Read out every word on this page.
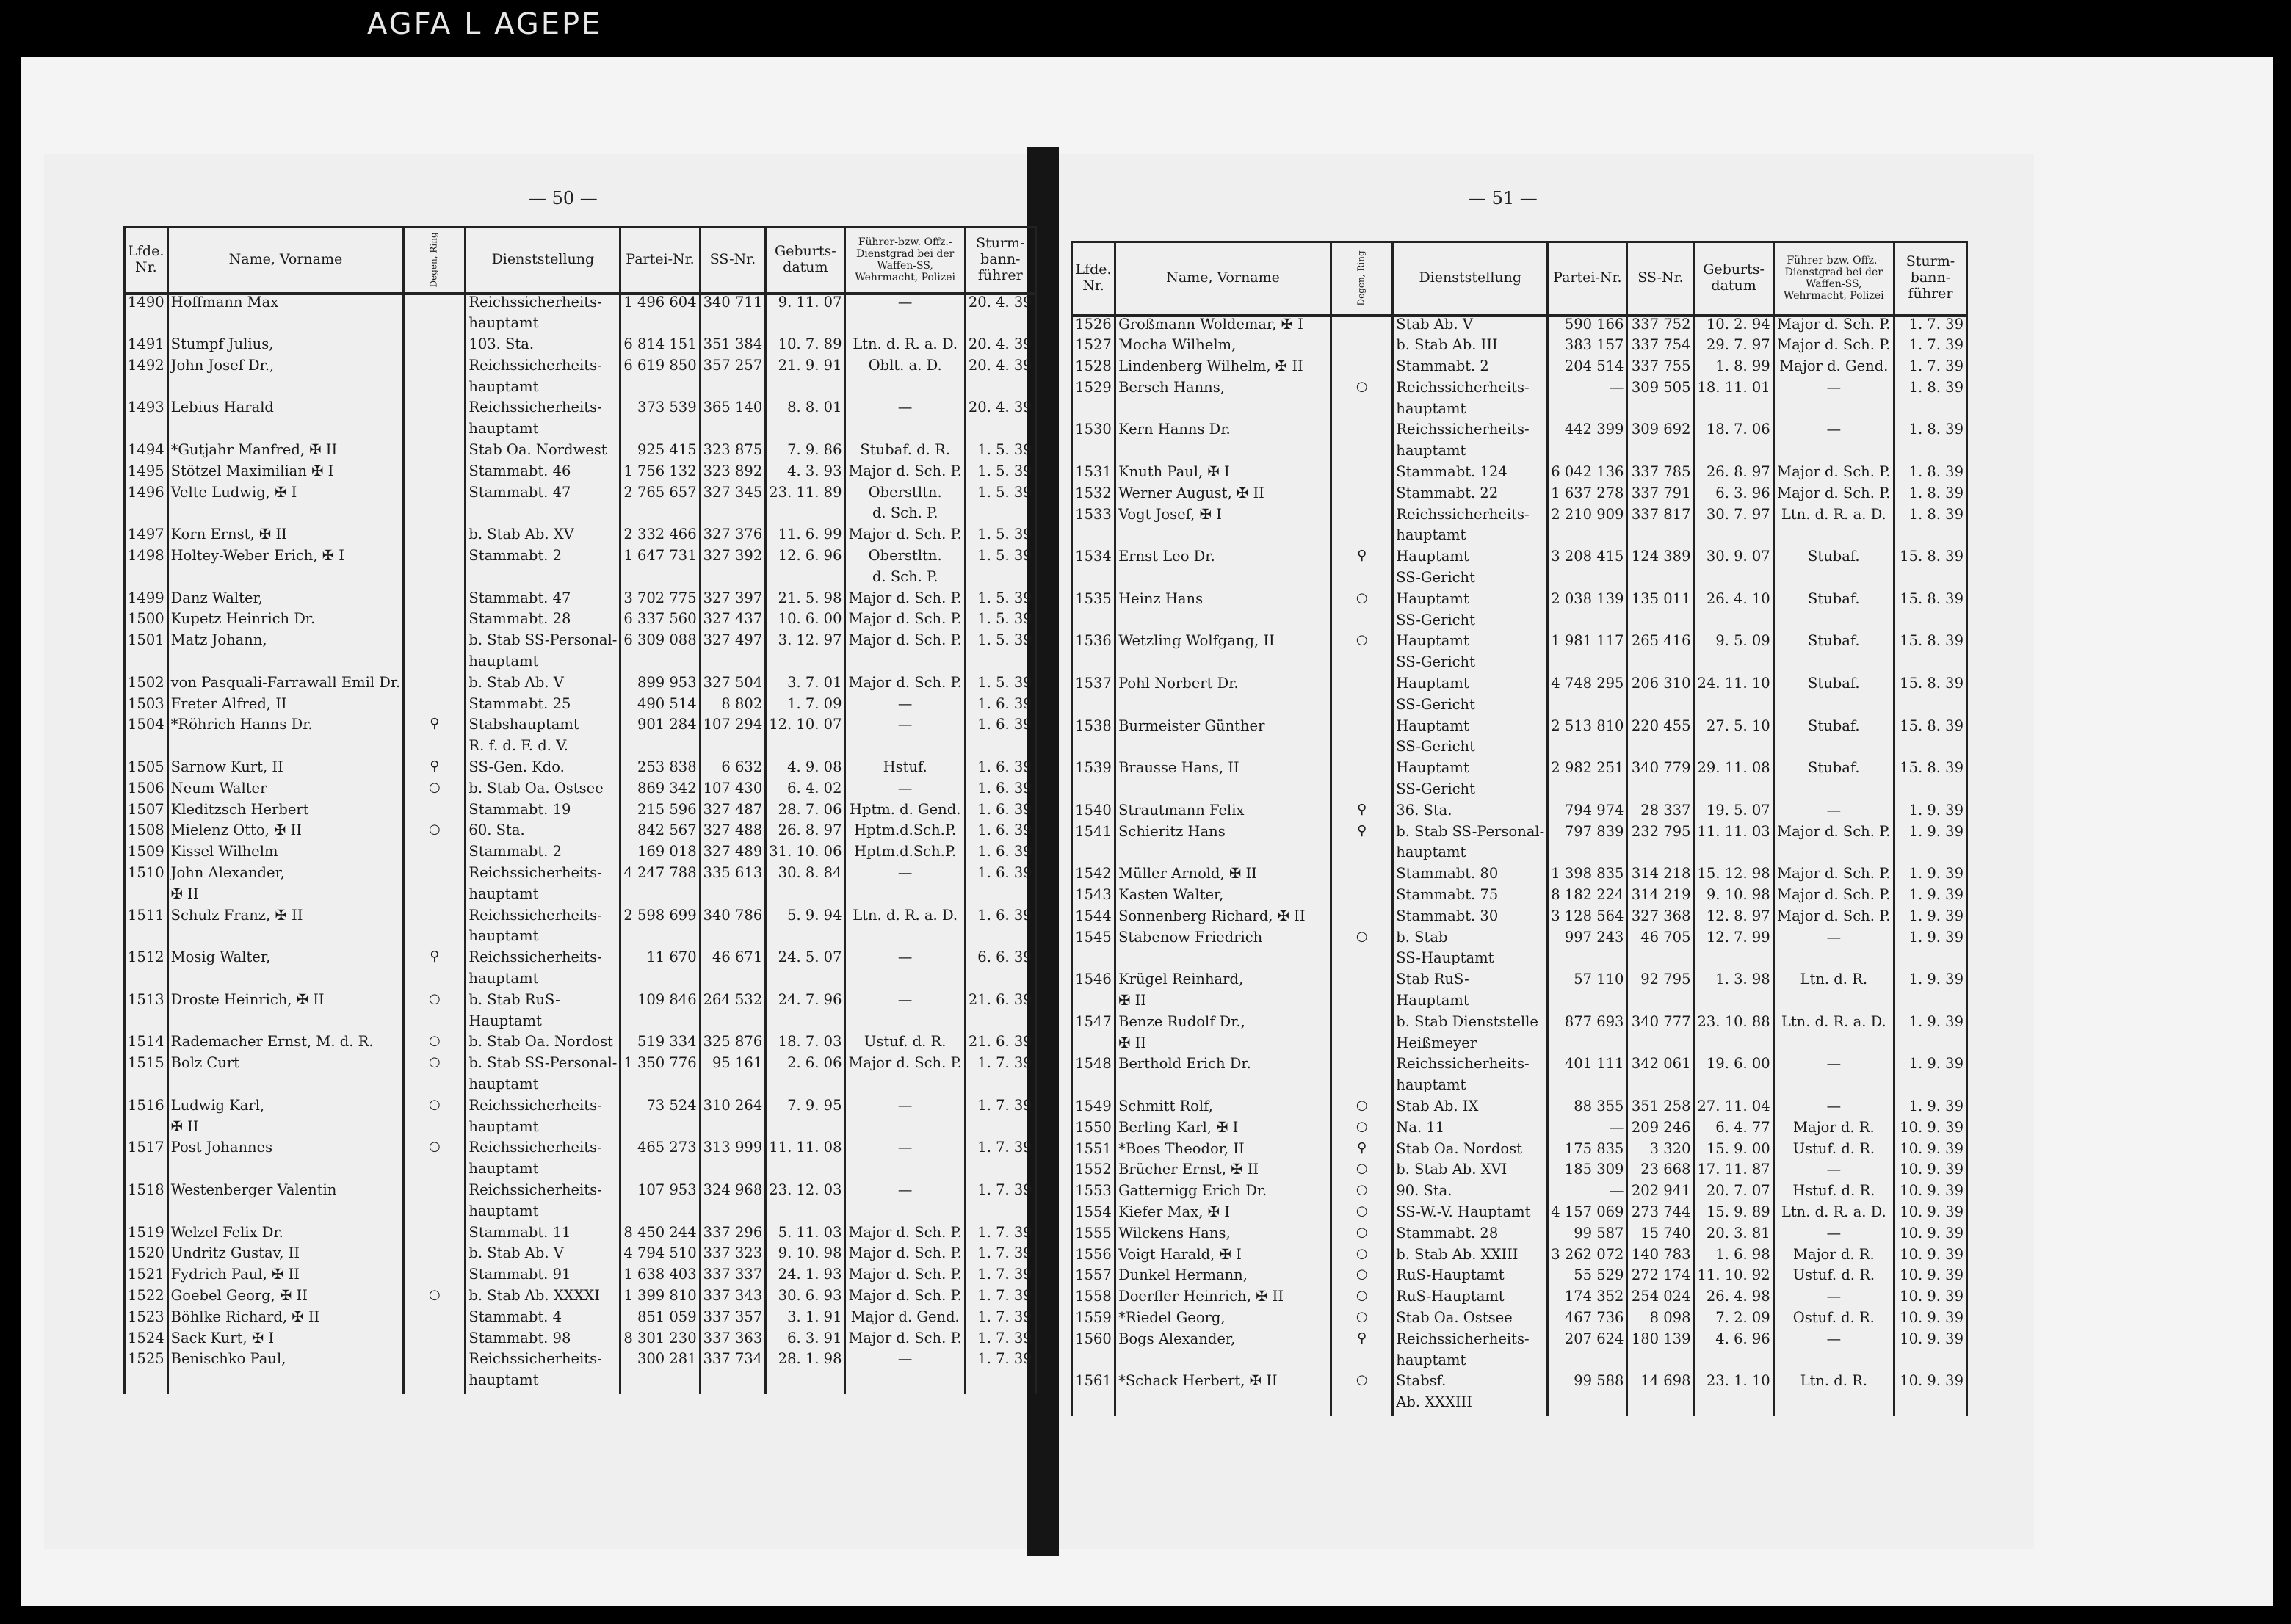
AGFA L AGEPE
— 50 —	— 51 —
Lfde. Nr.	Name, Vorname	Degen, Ring	Dienststellung	Partei-Nr.	SS-Nr.	Geburts-datum	Führer-bzw. Offz.-Dienstgrad bei der Waffen-SS, Wehrmacht, Polizei	Sturm-bann-führer
1490	Hoffmann Max		Reichssicherheits-	1 496 604	340 711	9. 11. 07	—	20. 4. 39
			hauptamt					
1491	Stumpf Julius,		103. Sta.	6 814 151	351 384	10. 7. 89	Ltn. d. R. a. D.	20. 4. 39
1492	John Josef Dr.,		Reichssicherheits-	6 619 850	357 257	21. 9. 91	Oblt. a. D.	20. 4. 39
			hauptamt					
1493	Lebius Harald		Reichssicherheits-	373 539	365 140	8. 8. 01	—	20. 4. 39
			hauptamt					
1494	*Gutjahr Manfred, ✠ II		Stab Oa. Nordwest	925 415	323 875	7. 9. 86	Stubaf. d. R.	1. 5. 39
1495	Stötzel Maximilian ✠ I		Stammabt. 46	1 756 132	323 892	4. 3. 93	Major d. Sch. P.	1. 5. 39
1496	Velte Ludwig, ✠ I		Stammabt. 47	2 765 657	327 345	23. 11. 89	Oberstltn.	1. 5. 39
							d. Sch. P.	
1497	Korn Ernst, ✠ II		b. Stab Ab. XV	2 332 466	327 376	11. 6. 99	Major d. Sch. P.	1. 5. 39
1498	Holtey-Weber Erich, ✠ I		Stammabt. 2	1 647 731	327 392	12. 6. 96	Oberstltn.	1. 5. 39
							d. Sch. P.	
1499	Danz Walter,		Stammabt. 47	3 702 775	327 397	21. 5. 98	Major d. Sch. P.	1. 5. 39
1500	Kupetz Heinrich Dr.		Stammabt. 28	6 337 560	327 437	10. 6. 00	Major d. Sch. P.	1. 5. 39
1501	Matz Johann,		b. Stab SS-Personal-	6 309 088	327 497	3. 12. 97	Major d. Sch. P.	1. 5. 39
			hauptamt					
1502	von Pasquali-Farrawall Emil Dr.		b. Stab Ab. V	899 953	327 504	3. 7. 01	Major d. Sch. P.	1. 5. 39
1503	Freter Alfred, II		Stammabt. 25	490 514	8 802	1. 7. 09	—	1. 6. 39
1504	*Röhrich Hanns Dr.	⚲	Stabshauptamt	901 284	107 294	12. 10. 07	—	1. 6. 39
			R. f. d. F. d. V.					
1505	Sarnow Kurt, II	⚲	SS-Gen. Kdo.	253 838	6 632	4. 9. 08	Hstuf.	1. 6. 39
1506	Neum Walter	○	b. Stab Oa. Ostsee	869 342	107 430	6. 4. 02	—	1. 6. 39
1507	Kleditzsch Herbert		Stammabt. 19	215 596	327 487	28. 7. 06	Hptm. d. Gend.	1. 6. 39
1508	Mielenz Otto, ✠ II	○	60. Sta.	842 567	327 488	26. 8. 97	Hptm.d.Sch.P.	1. 6. 39
1509	Kissel Wilhelm		Stammabt. 2	169 018	327 489	31. 10. 06	Hptm.d.Sch.P.	1. 6. 39
1510	John Alexander,		Reichssicherheits-	4 247 788	335 613	30. 8. 84	—	1. 6. 39
	✠ II		hauptamt					
1511	Schulz Franz, ✠ II		Reichssicherheits-	2 598 699	340 786	5. 9. 94	Ltn. d. R. a. D.	1. 6. 39
			hauptamt					
1512	Mosig Walter,	⚲	Reichssicherheits-	11 670	46 671	24. 5. 07	—	6. 6. 39
			hauptamt					
1513	Droste Heinrich, ✠ II	○	b. Stab RuS-	109 846	264 532	24. 7. 96	—	21. 6. 39
			Hauptamt					
1514	Rademacher Ernst, M. d. R.	○	b. Stab Oa. Nordost	519 334	325 876	18. 7. 03	Ustuf. d. R.	21. 6. 39
1515	Bolz Curt	○	b. Stab SS-Personal-	1 350 776	95 161	2. 6. 06	Major d. Sch. P.	1. 7. 39
			hauptamt					
1516	Ludwig Karl,	○	Reichssicherheits-	73 524	310 264	7. 9. 95	—	1. 7. 39
	✠ II		hauptamt					
1517	Post Johannes	○	Reichssicherheits-	465 273	313 999	11. 11. 08	—	1. 7. 39
			hauptamt					
1518	Westenberger Valentin		Reichssicherheits-	107 953	324 968	23. 12. 03	—	1. 7. 39
			hauptamt					
1519	Welzel Felix Dr.		Stammabt. 11	8 450 244	337 296	5. 11. 03	Major d. Sch. P.	1. 7. 39
1520	Undritz Gustav, II		b. Stab Ab. V	4 794 510	337 323	9. 10. 98	Major d. Sch. P.	1. 7. 39
1521	Fydrich Paul, ✠ II		Stammabt. 91	1 638 403	337 337	24. 1. 93	Major d. Sch. P.	1. 7. 39
1522	Goebel Georg, ✠ II	○	b. Stab Ab. XXXXI	1 399 810	337 343	30. 6. 93	Major d. Sch. P.	1. 7. 39
1523	Böhlke Richard, ✠ II		Stammabt. 4	851 059	337 357	3. 1. 91	Major d. Gend.	1. 7. 39
1524	Sack Kurt, ✠ I		Stammabt. 98	8 301 230	337 363	6. 3. 91	Major d. Sch. P.	1. 7. 39
1525	Benischko Paul,		Reichssicherheits-	300 281	337 734	28. 1. 98	—	1. 7. 39
			hauptamt					
Lfde. Nr.	Name, Vorname	Degen, Ring	Dienststellung	Partei-Nr.	SS-Nr.	Geburts-datum	Führer-bzw. Offz.-Dienstgrad bei der Waffen-SS, Wehrmacht, Polizei	Sturm-bann-führer
1526	Großmann Woldemar, ✠ I		Stab Ab. V	590 166	337 752	10. 2. 94	Major d. Sch. P.	1. 7. 39
1527	Mocha Wilhelm,		b. Stab Ab. III	383 157	337 754	29. 7. 97	Major d. Sch. P.	1. 7. 39
1528	Lindenberg Wilhelm, ✠ II		Stammabt. 2	204 514	337 755	1. 8. 99	Major d. Gend.	1. 7. 39
1529	Bersch Hanns,	○	Reichssicherheits-	—	309 505	18. 11. 01	—	1. 8. 39
			hauptamt					
1530	Kern Hanns Dr.		Reichssicherheits-	442 399	309 692	18. 7. 06	—	1. 8. 39
			hauptamt					
1531	Knuth Paul, ✠ I		Stammabt. 124	6 042 136	337 785	26. 8. 97	Major d. Sch. P.	1. 8. 39
1532	Werner August, ✠ II		Stammabt. 22	1 637 278	337 791	6. 3. 96	Major d. Sch. P.	1. 8. 39
1533	Vogt Josef, ✠ I		Reichssicherheits-	2 210 909	337 817	30. 7. 97	Ltn. d. R. a. D.	1. 8. 39
			hauptamt					
1534	Ernst Leo Dr.	⚲	Hauptamt	3 208 415	124 389	30. 9. 07	Stubaf.	15. 8. 39
			SS-Gericht					
1535	Heinz Hans	○	Hauptamt	2 038 139	135 011	26. 4. 10	Stubaf.	15. 8. 39
			SS-Gericht					
1536	Wetzling Wolfgang, II	○	Hauptamt	1 981 117	265 416	9. 5. 09	Stubaf.	15. 8. 39
			SS-Gericht					
1537	Pohl Norbert Dr.		Hauptamt	4 748 295	206 310	24. 11. 10	Stubaf.	15. 8. 39
			SS-Gericht					
1538	Burmeister Günther		Hauptamt	2 513 810	220 455	27. 5. 10	Stubaf.	15. 8. 39
			SS-Gericht					
1539	Brausse Hans, II		Hauptamt	2 982 251	340 779	29. 11. 08	Stubaf.	15. 8. 39
			SS-Gericht					
1540	Strautmann Felix	⚲	36. Sta.	794 974	28 337	19. 5. 07	—	1. 9. 39
1541	Schieritz Hans	⚲	b. Stab SS-Personal-	797 839	232 795	11. 11. 03	Major d. Sch. P.	1. 9. 39
			hauptamt					
1542	Müller Arnold, ✠ II		Stammabt. 80	1 398 835	314 218	15. 12. 98	Major d. Sch. P.	1. 9. 39
1543	Kasten Walter,		Stammabt. 75	8 182 224	314 219	9. 10. 98	Major d. Sch. P.	1. 9. 39
1544	Sonnenberg Richard, ✠ II		Stammabt. 30	3 128 564	327 368	12. 8. 97	Major d. Sch. P.	1. 9. 39
1545	Stabenow Friedrich	○	b. Stab	997 243	46 705	12. 7. 99	—	1. 9. 39
			SS-Hauptamt					
1546	Krügel Reinhard,		Stab RuS-	57 110	92 795	1. 3. 98	Ltn. d. R.	1. 9. 39
	✠ II		Hauptamt					
1547	Benze Rudolf Dr.,		b. Stab Dienststelle	877 693	340 777	23. 10. 88	Ltn. d. R. a. D.	1. 9. 39
	✠ II		Heißmeyer					
1548	Berthold Erich Dr.		Reichssicherheits-	401 111	342 061	19. 6. 00	—	1. 9. 39
			hauptamt					
1549	Schmitt Rolf,	○	Stab Ab. IX	88 355	351 258	27. 11. 04	—	1. 9. 39
1550	Berling Karl, ✠ I	○	Na. 11	—	209 246	6. 4. 77	Major d. R.	10. 9. 39
1551	*Boes Theodor, II	⚲	Stab Oa. Nordost	175 835	3 320	15. 9. 00	Ustuf. d. R.	10. 9. 39
1552	Brücher Ernst, ✠ II	○	b. Stab Ab. XVI	185 309	23 668	17. 11. 87	—	10. 9. 39
1553	Gatternigg Erich Dr.	○	90. Sta.	—	202 941	20. 7. 07	Hstuf. d. R.	10. 9. 39
1554	Kiefer Max, ✠ I	○	SS-W.-V. Hauptamt	4 157 069	273 744	15. 9. 89	Ltn. d. R. a. D.	10. 9. 39
1555	Wilckens Hans,	○	Stammabt. 28	99 587	15 740	20. 3. 81	—	10. 9. 39
1556	Voigt Harald, ✠ I	○	b. Stab Ab. XXIII	3 262 072	140 783	1. 6. 98	Major d. R.	10. 9. 39
1557	Dunkel Hermann,	○	RuS-Hauptamt	55 529	272 174	11. 10. 92	Ustuf. d. R.	10. 9. 39
1558	Doerfler Heinrich, ✠ II	○	RuS-Hauptamt	174 352	254 024	26. 4. 98	—	10. 9. 39
1559	*Riedel Georg,	○	Stab Oa. Ostsee	467 736	8 098	7. 2. 09	Ostuf. d. R.	10. 9. 39
1560	Bogs Alexander,	⚲	Reichssicherheits-	207 624	180 139	4. 6. 96	—	10. 9. 39
			hauptamt					
1561	*Schack Herbert, ✠ II	○	Stabsf.	99 588	14 698	23. 1. 10	Ltn. d. R.	10. 9. 39
			Ab. XXXIII					
